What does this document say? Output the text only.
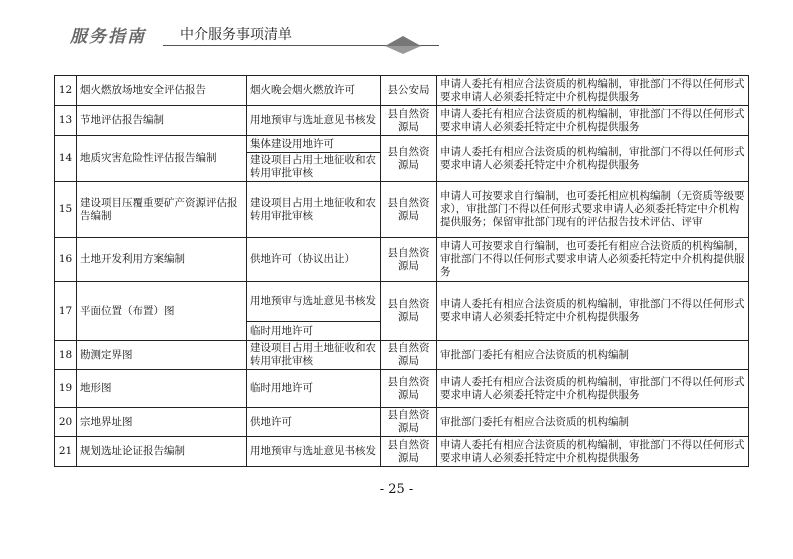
服务指南 中介服务事项清单
12	烟火燃放场地安全评估报告	烟火晚会烟火燃放许可	县公安局	申请人委托有相应合法资质的机构编制，审批部门不得以任何形式要求申请人必须委托特定中介机构提供服务
13	节地评估报告编制	用地预审与选址意见书核发	县自然资源局	申请人委托有相应合法资质的机构编制，审批部门不得以任何形式要求申请人必须委托特定中介机构提供服务
14	地质灾害危险性评估报告编制	集体建设用地许可	县自然资源局	申请人委托有相应合法资质的机构编制，审批部门不得以任何形式要求申请人必须委托特定中介机构提供服务
		建设项目占用土地征收和农转用审批审核		
15	建设项目压覆重要矿产资源评估报告编制	建设项目占用土地征收和农转用审批审核	县自然资源局	申请人可按要求自行编制，也可委托相应机构编制（无资质等级要求），审批部门不得以任何形式要求申请人必须委托特定中介机构提供服务；保留审批部门现有的评估报告技术评估、评审
16	土地开发利用方案编制	供地许可（协议出让）	县自然资源局	申请人可按要求自行编制，也可委托有相应合法资质的机构编制，审批部门不得以任何形式要求申请人必须委托特定中介机构提供服务
17	平面位置（布置）图	用地预审与选址意见书核发	县自然资源局	申请人委托有相应合法资质的机构编制，审批部门不得以任何形式要求申请人必须委托特定中介机构提供服务
		临时用地许可		
18	勘测定界图	建设项目占用土地征收和农转用审批审核	县自然资源局	审批部门委托有相应合法资质的机构编制
19	地形图	临时用地许可	县自然资源局	申请人委托有相应合法资质的机构编制，审批部门不得以任何形式要求申请人必须委托特定中介机构提供服务
20	宗地界址图	供地许可	县自然资源局	审批部门委托有相应合法资质的机构编制
21	规划选址论证报告编制	用地预审与选址意见书核发	县自然资源局	申请人委托有相应合法资质的机构编制，审批部门不得以任何形式要求申请人必须委托特定中介机构提供服务
- 25 -
